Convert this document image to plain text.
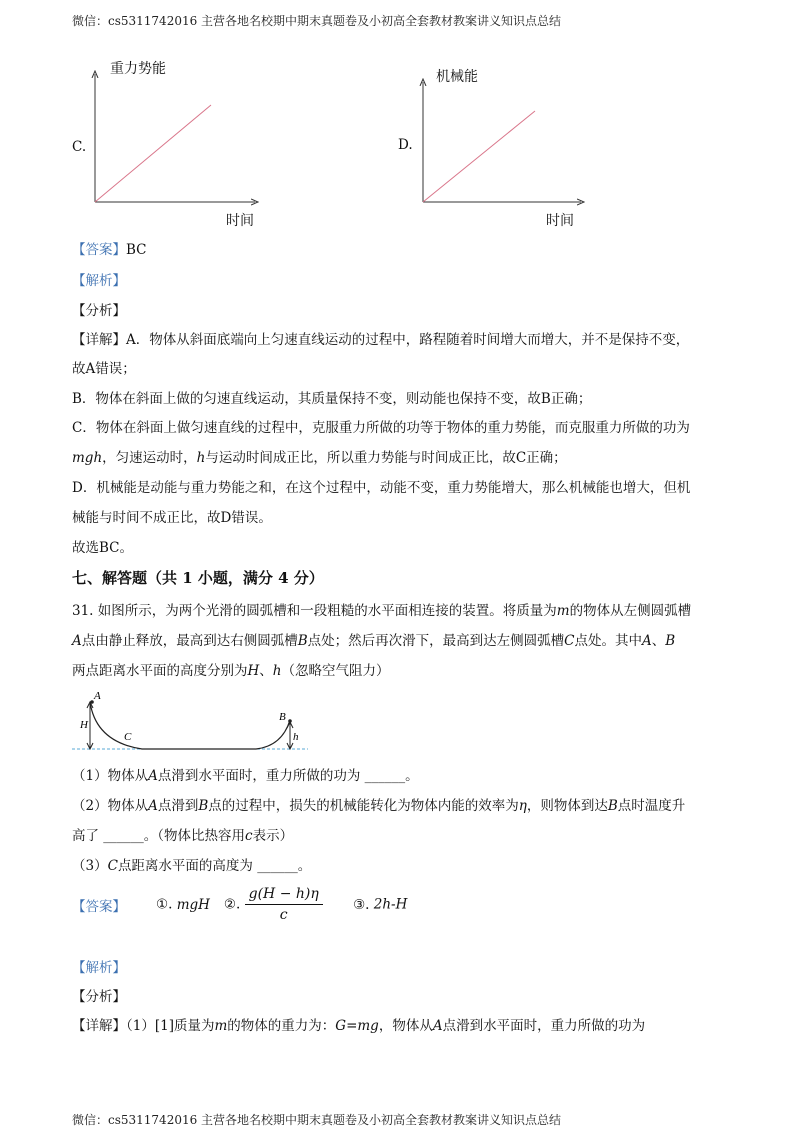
微信：cs5311742016 主营各地名校期中期末真题卷及小初高全套教材教案讲义知识点总结
C.
重力势能
时间
D.
机械能
时间
【答案】BC
【解析】
【分析】
【详解】A．物体从斜面底端向上匀速直线运动的过程中，路程随着时间增大而增大，并不是保持不变，
故A错误；
B．物体在斜面上做的匀速直线运动，其质量保持不变，则动能也保持不变，故B正确；
C．物体在斜面上做匀速直线的过程中，克服重力所做的功等于物体的重力势能，而克服重力所做的功为
mgh，匀速运动时，h与运动时间成正比，所以重力势能与时间成正比，故C正确；
D．机械能是动能与重力势能之和，在这个过程中，动能不变，重力势能增大，那么机械能也增大，但机
械能与时间不成正比，故D错误。
故选BC。
七、解答题（共 1 小题，满分 4 分）
31. 如图所示，为两个光滑的圆弧槽和一段粗糙的水平面相连接的装置。将质量为m的物体从左侧圆弧槽
A点由静止释放，最高到达右侧圆弧槽B点处；然后再次滑下，最高到达左侧圆弧槽C点处。其中A、B
两点距离水平面的高度分别为H、h（忽略空气阻力）
A
H
C
B
h
（1）物体从A点滑到水平面时，重力所做的功为 ______。
（2）物体从A点滑到B点的过程中，损失的机械能转化为物体内能的效率为η，则物体到达B点时温度升
高了 ______。（物体比热容用c表示）
（3）C点距离水平面的高度为 ______。
【答案】 ①. mgH ②. $\frac{g(H - h)\eta}{c}$ ③. 2h-H
【解析】
【分析】
【详解】（1）[1]质量为m的物体的重力为：G=mg，物体从A点滑到水平面时，重力所做的功为
微信：cs5311742016 主营各地名校期中期末真题卷及小初高全套教材教案讲义知识点总结
